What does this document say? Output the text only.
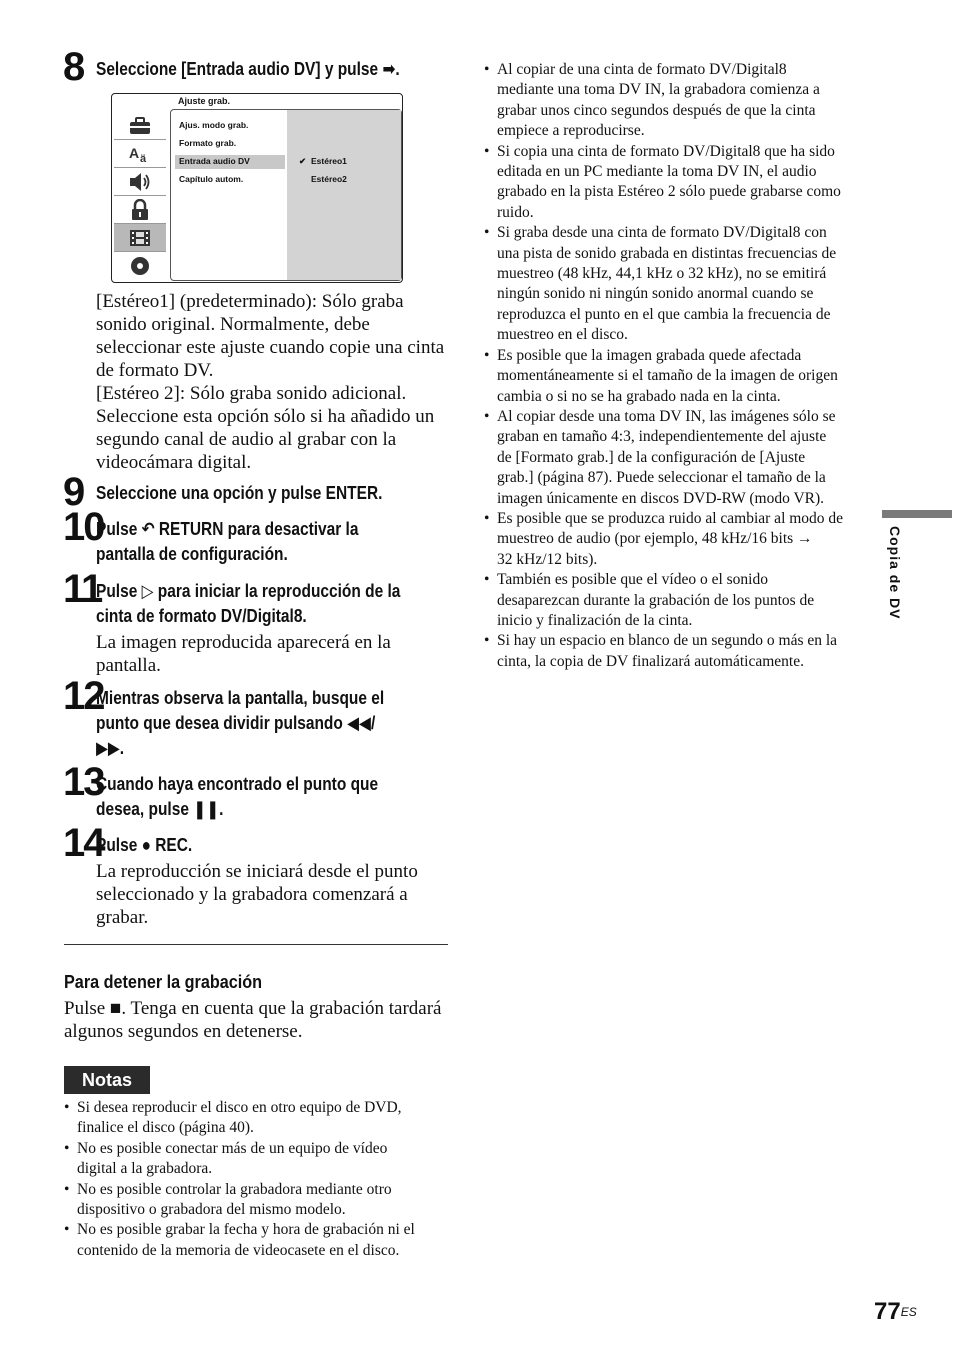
8 Seleccione [Entrada audio DV] y pulse ➡.
Ajuste grab.
A ä
Ajus. modo grab.
Formato grab.
Entrada audio DV
Capítulo autom.
✔ Estéreo1
Estéreo2
[Estéreo1] (predeterminado): Sólo graba
sonido original. Normalmente, debe
seleccionar este ajuste cuando copie una cinta
de formato DV.
[Estéreo 2]: Sólo graba sonido adicional.
Seleccione esta opción sólo si ha añadido un
segundo canal de audio al grabar con la
videocámara digital.
9 Seleccione una opción y pulse ENTER.
10
Pulse ↶ RETURN para desactivar la
pantalla de configuración.
11
Pulse ▷ para iniciar la reproducción de la
cinta de formato DV/Digital8.
La imagen reproducida aparecerá en la
pantalla.
12
Mientras observa la pantalla, busque el
punto que desea dividir pulsando ◀◀/
▶▶.
13
Cuando haya encontrado el punto que
desea, pulse ❚❚.
14
Pulse ● REC.
La reproducción se iniciará desde el punto
seleccionado y la grabadora comenzará a
grabar.
Para detener la grabación
Pulse ■. Tenga en cuenta que la grabación tardará
algunos segundos en detenerse.
Notas
• Si desea reproducir el disco en otro equipo de DVD,
finalice el disco (página 40).
• No es posible conectar más de un equipo de vídeo
digital a la grabadora.
• No es posible controlar la grabadora mediante otro
dispositivo o grabadora del mismo modelo.
• No es posible grabar la fecha y hora de grabación ni el
contenido de la memoria de videocasete en el disco.
• Al copiar de una cinta de formato DV/Digital8
mediante una toma DV IN, la grabadora comienza a
grabar unos cinco segundos después de que la cinta
empiece a reproducirse.
• Si copia una cinta de formato DV/Digital8 que ha sido
editada en un PC mediante la toma DV IN, el audio
grabado en la pista Estéreo 2 sólo puede grabarse como
ruido.
• Si graba desde una cinta de formato DV/Digital8 con
una pista de sonido grabada en distintas frecuencias de
muestreo (48 kHz, 44,1 kHz o 32 kHz), no se emitirá
ningún sonido ni ningún sonido anormal cuando se
reproduzca el punto en el que cambia la frecuencia de
muestreo en el disco.
• Es posible que la imagen grabada quede afectada
momentáneamente si el tamaño de la imagen de origen
cambia o si no se ha grabado nada en la cinta.
• Al copiar desde una toma DV IN, las imágenes sólo se
graban en tamaño 4:3, independientemente del ajuste
de [Formato grab.] de la configuración de [Ajuste
grab.] (página 87). Puede seleccionar el tamaño de la
imagen únicamente en discos DVD-RW (modo VR).
• Es posible que se produzca ruido al cambiar al modo de
muestreo de audio (por ejemplo, 48 kHz/16 bits →
32 kHz/12 bits).
• También es posible que el vídeo o el sonido
desaparezcan durante la grabación de los puntos de
inicio y finalización de la cinta.
• Si hay un espacio en blanco de un segundo o más en la
cinta, la copia de DV finalizará automáticamente.
Copia de DV
$77^{ES}$
